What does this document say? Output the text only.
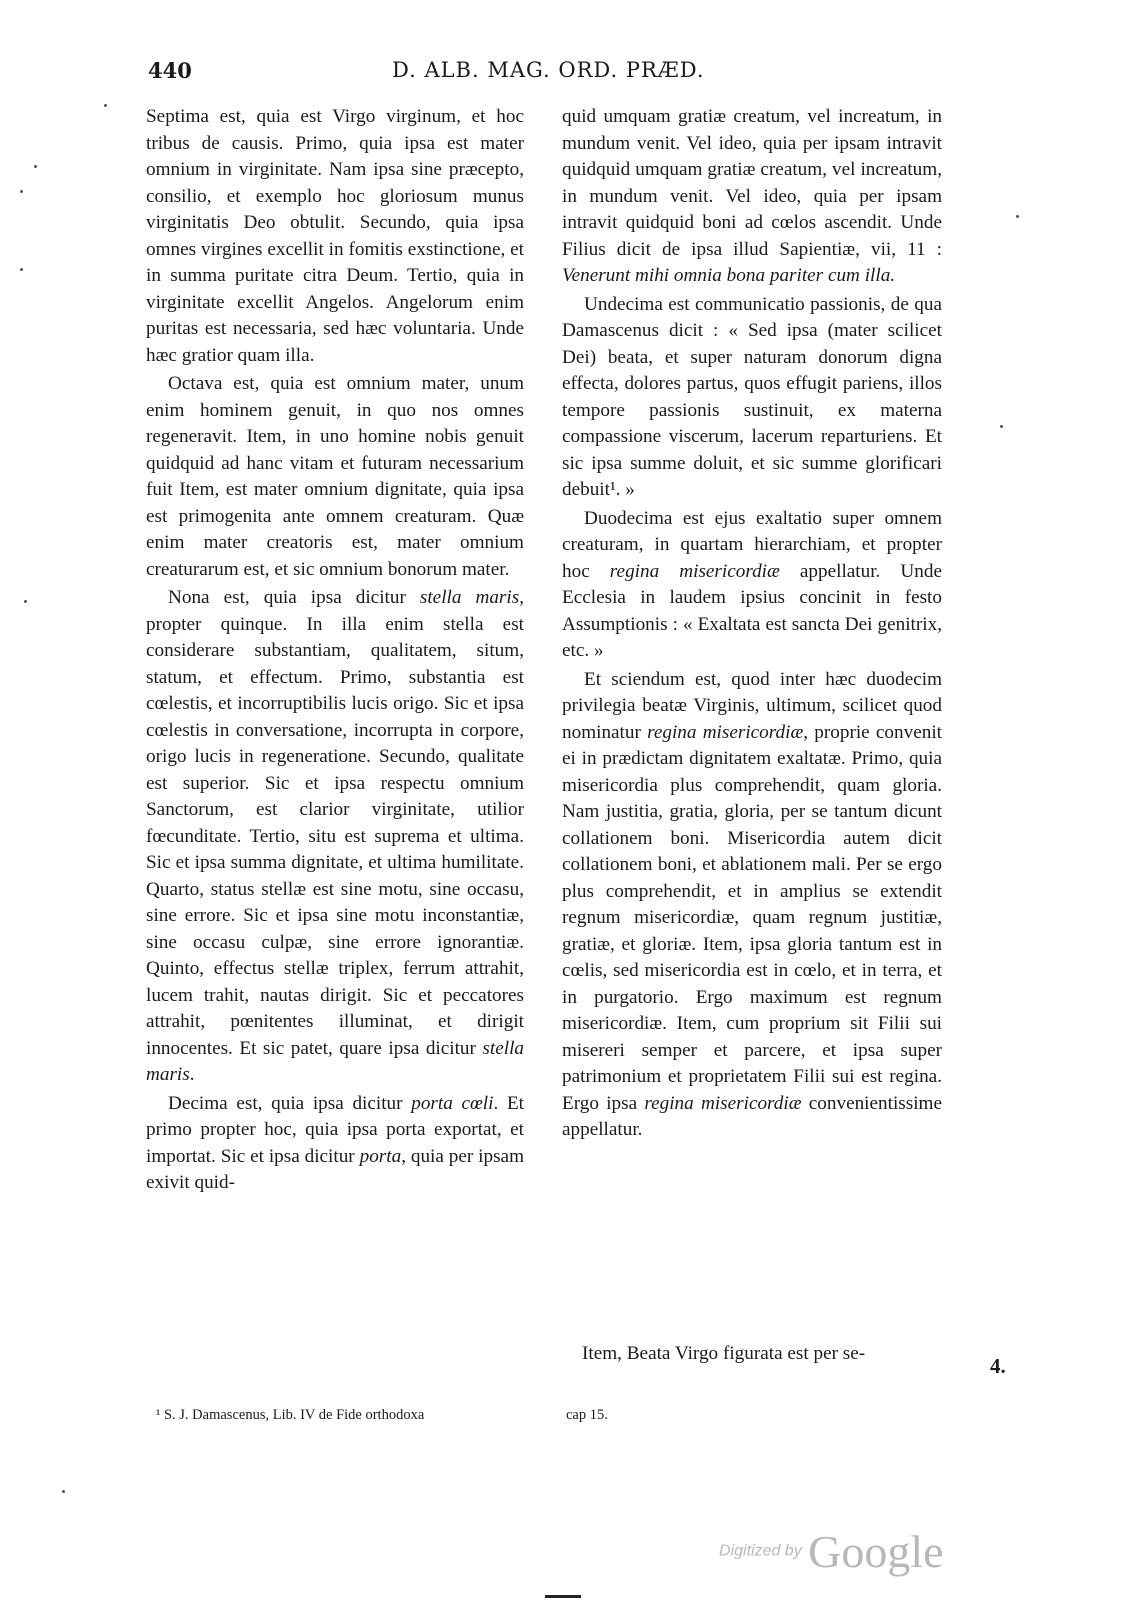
440	D. ALB. MAG. ORD. PRÆD.

Septima est, quia est Virgo virginum, et hoc tribus de causis. Primo, quia ipsa est mater omnium in virginitate. Nam ipsa sine præcepto, consilio, et exemplo hoc gloriosum munus virginitatis Deo obtulit. Secundo, quia ipsa omnes virgines excellit in fomitis exstinctione, et in summa puritate citra Deum. Tertio, quia in virginitate excellit Angelos. Angelorum enim puritas est necessaria, sed hæc voluntaria. Unde hæc gratior quam illa.

Octava est, quia est omnium mater, unum enim hominem genuit, in quo nos omnes regeneravit. Item, in uno homine nobis genuit quidquid ad hanc vitam et futuram necessarium fuit Item, est mater omnium dignitate, quia ipsa est primogenita ante omnem creaturam. Quæ enim mater creatoris est, mater omnium creaturarum est, et sic omnium bonorum mater.

Nona est, quia ipsa dicitur stella maris, propter quinque. In illa enim stella est considerare substantiam, qualitatem, situm, statum, et effectum. Primo, substantia est cœlestis, et incorruptibilis lucis origo. Sic et ipsa cœlestis in conversatione, incorrupta in corpore, origo lucis in regeneratione. Secundo, qualitate est superior. Sic et ipsa respectu omnium Sanctorum, est clarior virginitate, utilior fœcunditate. Tertio, situ est suprema et ultima. Sic et ipsa summa dignitate, et ultima humilitate. Quarto, status stellæ est sine motu, sine occasu, sine errore. Sic et ipsa sine motu inconstantiæ, sine occasu culpæ, sine errore ignorantiæ. Quinto, effectus stellæ triplex, ferrum attrahit, lucem trahit, nautas dirigit. Sic et peccatores attrahit, pœnitentes illuminat, et dirigit innocentes. Et sic patet, quare ipsa dicitur stella maris.

Decima est, quia ipsa dicitur porta cœli. Et primo propter hoc, quia ipsa porta exportat, et importat. Sic et ipsa dicitur porta, quia per ipsam exivit quid-

quid umquam gratiæ creatum, vel increatum, in mundum venit. Vel ideo, quia per ipsam intravit quidquid umquam gratiæ creatum, vel increatum, in mundum venit. Vel ideo, quia per ipsam intravit quidquid boni ad cœlos ascendit. Unde Filius dicit de ipsa illud Sapientiæ, vii, 11 : Venerunt mihi omnia bona pariter cum illa.

Undecima est communicatio passionis, de qua Damascenus dicit : « Sed ipsa (mater scilicet Dei) beata, et super naturam donorum digna effecta, dolores partus, quos effugit pariens, illos tempore passionis sustinuit, ex materna compassione viscerum, lacerum reparturiens. Et sic ipsa summe doluit, et sic summe glorificari debuit¹. »

Duodecima est ejus exaltatio super omnem creaturam, in quartam hierarchiam, et propter hoc regina misericordiæ appellatur. Unde Ecclesia in laudem ipsius concinit in festo Assumptionis : « Exaltata est sancta Dei genitrix, etc. »

Et sciendum est, quod inter hæc duodecim privilegia beatæ Virginis, ultimum, scilicet quod nominatur regina misericordiæ, proprie convenit ei in prædictam dignitatem exaltatæ. Primo, quia misericordia plus comprehendit, quam gloria. Nam justitia, gratia, gloria, per se tantum dicunt collationem boni. Misericordia autem dicit collationem boni, et ablationem mali. Per se ergo plus comprehendit, et in amplius se extendit regnum misericordiæ, quam regnum justitiæ, gratiæ, et gloriæ. Item, ipsa gloria tantum est in cœlis, sed misericordia est in cœlo, et in terra, et in purgatorio. Ergo maximum est regnum misericordiæ. Item, cum proprium sit Filii sui misereri semper et parcere, et ipsa super patrimonium et proprietatem Filii sui est regina. Ergo ipsa regina misericordiæ convenientissime appellatur.

Item, Beata Virgo figurata est per se-
4.
¹ S. J. Damascenus, Lib. IV de Fide orthodoxa	cap 15.
Digitized by Google
